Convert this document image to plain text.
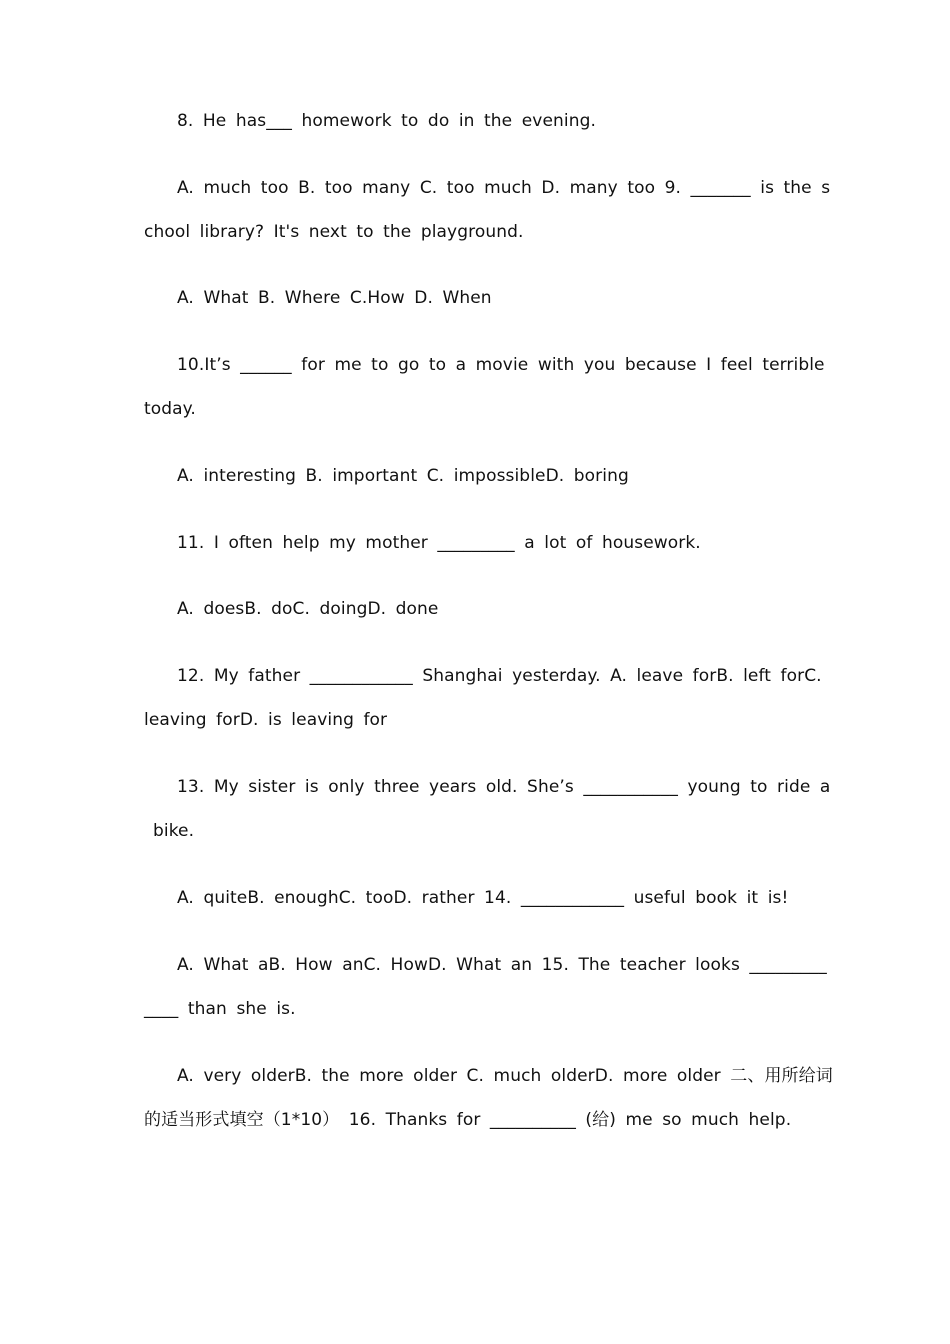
8. He has___ homework to do in the evening.
A. much too B. too many C. too much D. many too 9. _______ is the s
chool library? It's next to the playground.
A. What B. Where C.How D. When
10.It’s ______ for me to go to a movie with you because I feel terrible
today.
A. interesting B. important C. impossibleD. boring
11. I often help my mother _________ a lot of housework.
A. doesB. doC. doingD. done
12. My father ____________ Shanghai yesterday. A. leave forB. left forC.
leaving forD. is leaving for
13. My sister is only three years old. She’s ___________ young to ride a
bike.
A. quiteB. enoughC. tooD. rather 14. ____________ useful book it is!
A. What aB. How anC. HowD. What an 15. The teacher looks _________
____ than she is.
A. very olderB. the more older C. much olderD. more older 二、用所给词
的适当形式填空（1*10） 16. Thanks for __________ (给) me so much help.
